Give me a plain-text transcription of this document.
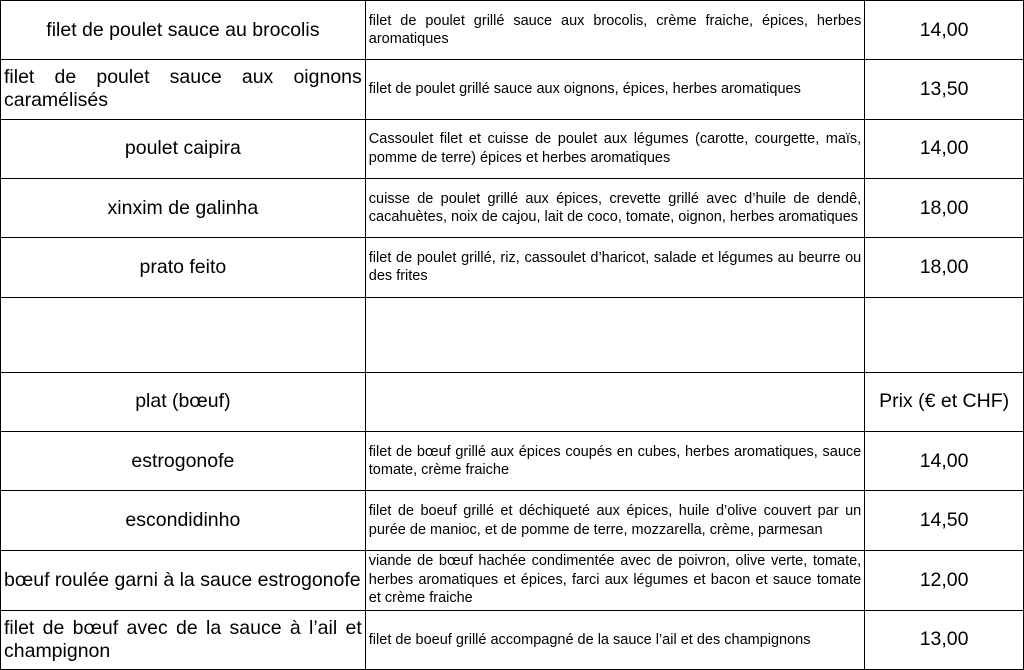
filet de poulet sauce au brocolis	filet de poulet grillé sauce aux brocolis, crème fraiche, épices, herbes aromatiques	14,00
filet de poulet sauce aux oignons caramélisés	filet de poulet grillé sauce aux oignons, épices, herbes aromatiques	13,50
poulet caipira	Cassoulet filet et cuisse de poulet aux légumes (carotte, courgette, maïs, pomme de terre) épices et herbes aromatiques	14,00
xinxim de galinha	cuisse de poulet grillé aux épices, crevette grillé avec d’huile de dendê, cacahuètes, noix de cajou, lait de coco, tomate, oignon, herbes aromatiques	18,00
prato feito	filet de poulet grillé, riz, cassoulet d’haricot, salade et légumes au beurre ou des frites	18,00

plat (bœuf)		Prix (€ et CHF)
estrogonofe	filet de bœuf grillé aux épices coupés en cubes, herbes aromatiques, sauce tomate, crème fraiche	14,00
escondidinho	filet de boeuf grillé et déchiqueté aux épices, huile d’olive couvert par un purée de manioc, et de pomme de terre, mozzarella, crème, parmesan	14,50
bœuf roulée garni à la sauce estrogonofe	viande de bœuf hachée condimentée avec de poivron, olive verte, tomate, herbes aromatiques et épices, farci aux légumes et bacon et sauce tomate et crème fraiche	12,00
filet de bœuf avec de la sauce à l’ail et champignon	filet de boeuf grillé accompagné de la sauce l’ail et des champignons	13,00
